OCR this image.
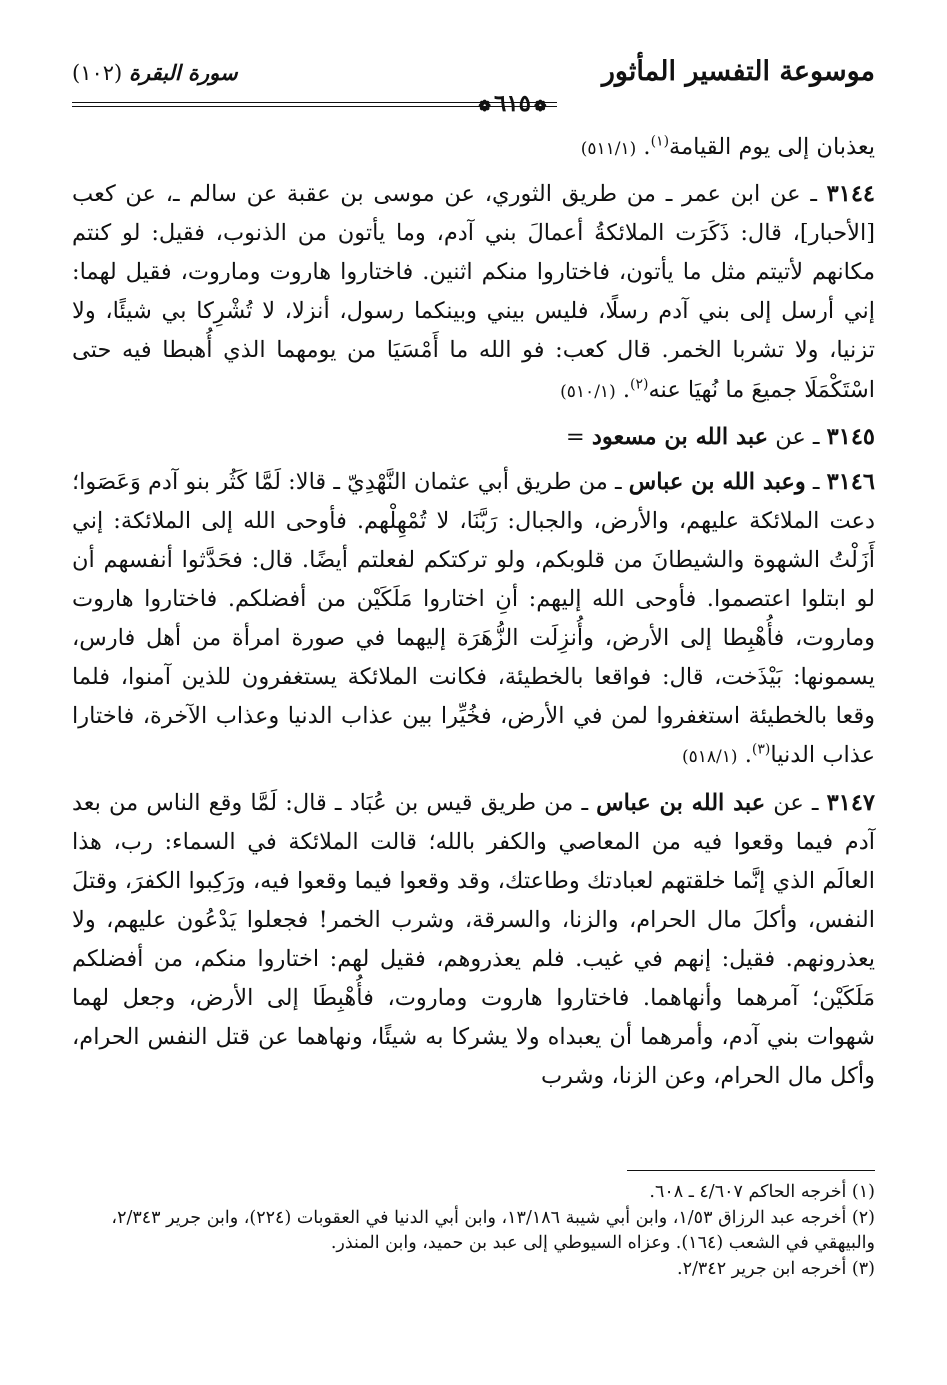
موسوعة التفسير المأثور
سورة البقرة (١٠٢)
❁٦١٥❁

يعذبان إلى يوم القيامة$^{(١)}$. (٥١١/١)

٣١٤٤ ـ عن ابن عمر ـ من طريق الثوري، عن موسى بن عقبة عن سالم ـ، عن كعب [الأحبار]، قال: ذَكَرَت الملائكةُ أعمالَ بني آدم، وما يأتون من الذنوب، فقيل: لو كنتم مكانهم لأتيتم مثل ما يأتون، فاختاروا منكم اثنين. فاختاروا هاروت وماروت، فقيل لهما: إني أرسل إلى بني آدم رسلًا، فليس بيني وبينكما رسول، أنزلا، لا تُشْرِكا بي شيئًا، ولا تزنيا، ولا تشربا الخمر. قال كعب: فو الله ما أَمْسَيَا من يومهما الذي أُهبطا فيه حتى اسْتَكْمَلَا جميعَ ما نُهيَا عنه$^{(٢)}$. (٥١٠/١)

٣١٤٥ ـ عن عبد الله بن مسعود =

٣١٤٦ ـ وعبد الله بن عباس ـ من طريق أبي عثمان النَّهْدِيّ ـ قالا: لَمَّا كَثُر بنو آدم وَعَصَوا؛ دعت الملائكة عليهم، والأرض، والجبال: رَبَّنَا، لا تُمْهِلْهم. فأوحى الله إلى الملائكة: إني أَزَلْتُ الشهوة والشيطانَ من قلوبكم، ولو تركتكم لفعلتم أيضًا. قال: فحَدَّثوا أنفسهم أن لو ابتلوا اعتصموا. فأوحى الله إليهم: أنِ اختاروا مَلَكَيْن من أفضلكم. فاختاروا هاروت وماروت، فأُهْبِطا إلى الأرض، وأُنزِلَت الزُّهَرَة إليهما في صورة امرأة من أهل فارس، يسمونها: بَيْذَخت، قال: فواقعا بالخطيئة، فكانت الملائكة يستغفرون للذين آمنوا، فلما وقعا بالخطيئة استغفروا لمن في الأرض، فخُيِّرا بين عذاب الدنيا وعذاب الآخرة، فاختارا عذاب الدنيا$^{(٣)}$. (٥١٨/١)

٣١٤٧ ـ عن عبد الله بن عباس ـ من طريق قيس بن عُبَاد ـ قال: لَمَّا وقع الناس من بعد آدم فيما وقعوا فيه من المعاصي والكفر بالله؛ قالت الملائكة في السماء: رب، هذا العالَم الذي إنَّما خلقتهم لعبادتك وطاعتك، وقد وقعوا فيما وقعوا فيه، ورَكِبوا الكفرَ، وقتلَ النفس، وأكلَ مال الحرام، والزنا، والسرقة، وشرب الخمر! فجعلوا يَدْعُون عليهم، ولا يعذرونهم. فقيل: إنهم في غيب. فلم يعذروهم، فقيل لهم: اختاروا منكم، من أفضلكم مَلَكَيْن؛ آمرهما وأنهاهما. فاختاروا هاروت وماروت، فأُهْبِطَا إلى الأرض، وجعل لهما شهوات بني آدم، وأمرهما أن يعبداه ولا يشركا به شيئًا، ونهاهما عن قتل النفس الحرام، وأكل مال الحرام، وعن الزنا، وشرب

(١) أخرجه الحاكم ٤/٦٠٧ ـ ٦٠٨.

(٢) أخرجه عبد الرزاق ١/٥٣، وابن أبي شيبة ١٣/١٨٦، وابن أبي الدنيا في العقوبات (٢٢٤)، وابن جرير ٢/٣٤٣، والبيهقي في الشعب (١٦٤). وعزاه السيوطي إلى عبد بن حميد، وابن المنذر.

(٣) أخرجه ابن جرير ٢/٣٤٢.
